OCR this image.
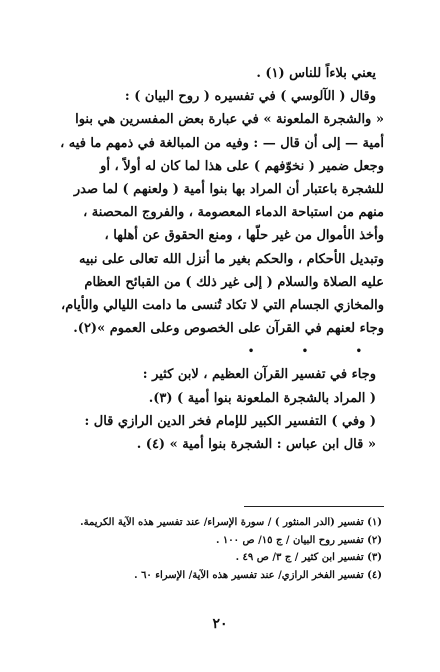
يعني بلاءاً للناس (١) .

وقال ( الآلوسي ) في تفسيره ( روح البيان ) :

« والشجرة الملعونة » في عبارة بعض المفسرين هي بنوا

أمية — إلى أن قال — : وفيه من المبالغة في ذمهم ما فيه ،

وجعل ضمير ( نخوّفهم ) على هذا لما كان له أولاً ، أو

للشجرة باعتبار أن المراد بها بنوا أمية ( ولعنهم ) لما صدر

منهم من استباحة الدماء المعصومة ، والفروج المحصنة ،

وأخذ الأموال من غير حلّها ، ومنع الحقوق عن أهلها ،

وتبديل الأحكام ، والحكم بغير ما أنزل الله تعالى على نبيه

عليه الصلاة والسلام ( إلى غير ذلك ) من القبائح العظام

والمخازي الجسام التي لا تكاد تُنسى ما دامت الليالي والأيام،

وجاء لعنهم في القرآن على الخصوص وعلى العموم »(٢).

• • •

وجاء في تفسير القرآن العظيم ، لابن كثير :

( المراد بالشجرة الملعونة بنوا أمية ) (٣).

( وفي ) التفسير الكبير للإمام فخر الدين الرازي قال :

« قال ابن عباس : الشجرة بنوا أمية » (٤) .

(١) تفسير (الدر المنثور ) / سورة الإسراء/ عند تفسير هذه الآية الكريمة.

(٢) تفسير روح البيان / ج ١٥/ ص ١٠٠ .

(٣) تفسير ابن كثير / ج ٣/ ص ٤٩ .

(٤) تفسير الفخر الرازي/ عند تفسير هذه الآية/ الإسراء ٦٠ .

٢٠
